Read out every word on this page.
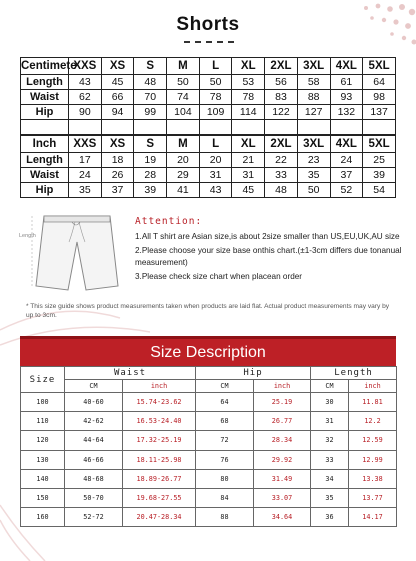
Shorts
Centimete	XXS	XS	S	M	L	XL	2XL	3XL	4XL	5XL
Length	43	45	48	50	50	53	56	58	61	64
Waist	62	66	70	74	78	78	83	88	93	98
Hip	90	94	99	104	109	114	122	127	132	137

Inch	XXS	XS	S	M	L	XL	2XL	3XL	4XL	5XL
Length	17	18	19	20	20	21	22	23	24	25
Waist	24	26	28	29	31	31	33	35	37	39
Hip	35	37	39	41	43	45	48	50	52	54
Length
Attention:

1.All T shirt are Asian size,is about 2size smaller than US,EU,UK,AU size

2.Please choose your size base onthis chart.(±1-3cm differs due tonanual measurement)

3.Please check size chart when placean order

* This size guide shows product measurements taken when products are laid flat. Actual product measurements may vary by up to 3cm.
Size Description
Size	Waist		Hip		Length	
	CM	inch	CM	inch	CM	inch
100	40-60	15.74-23.62	64	25.19	30	11.81
110	42-62	16.53-24.40	68	26.77	31	12.2
120	44-64	17.32-25.19	72	28.34	32	12.59
130	46-66	18.11-25.98	76	29.92	33	12.99
140	48-68	18.89-26.77	80	31.49	34	13.38
150	50-70	19.68-27.55	84	33.07	35	13.77
160	52-72	20.47-28.34	88	34.64	36	14.17
